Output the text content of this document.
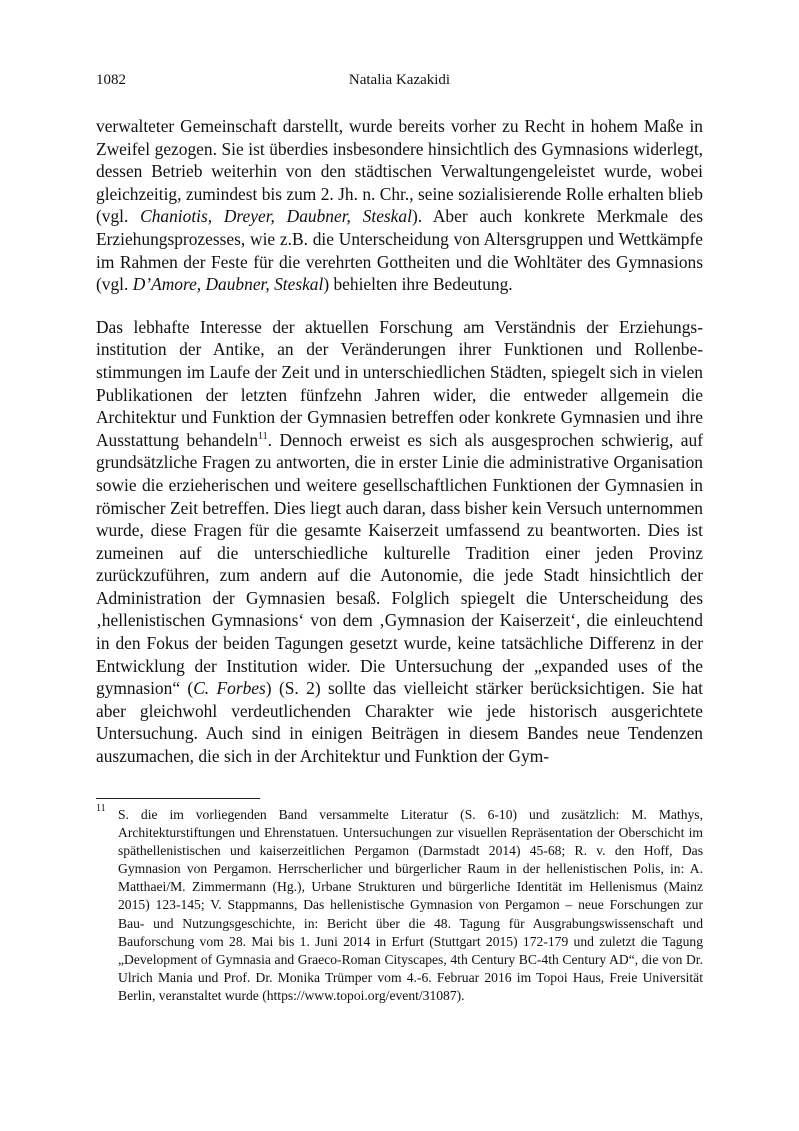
1082	Natalia Kazakidi

verwalteter Gemeinschaft darstellt, wurde bereits vorher zu Recht in hohem Maße in Zweifel gezogen. Sie ist überdies insbesondere hinsichtlich des Gymnasions widerlegt, dessen Betrieb weiterhin von den städtischen Verwaltungengeleistet wurde, wobei gleichzeitig, zumindest bis zum 2. Jh. n. Chr., seine sozialisierende Rolle erhalten blieb (vgl. Chaniotis, Dreyer, Daubner, Steskal). Aber auch konkrete Merkmale des Erziehungsprozesses, wie z.B. die Unterscheidung von Altersgruppen und Wettkämpfe im Rahmen der Feste für die verehrten Gottheiten und die Wohltäter des Gymnasions (vgl. D’Amore, Daubner, Steskal) behielten ihre Bedeutung.

Das lebhafte Interesse der aktuellen Forschung am Verständnis der Erziehungsinstitution der Antike, an der Veränderungen ihrer Funktionen und Rollenbestimmungen im Laufe der Zeit und in unterschiedlichen Städten, spiegelt sich in vielen Publikationen der letzten fünfzehn Jahren wider, die entweder allgemein die Architektur und Funktion der Gymnasien betreffen oder konkrete Gymnasien und ihre Ausstattung behandeln$^{11}$. Dennoch erweist es sich als ausgesprochen schwierig, auf grundsätzliche Fragen zu antworten, die in erster Linie die administrative Organisation sowie die erzieherischen und weitere gesellschaftlichen Funktionen der Gymnasien in römischer Zeit betreffen. Dies liegt auch daran, dass bisher kein Versuch unternommen wurde, diese Fragen für die gesamte Kaiserzeit umfassend zu beantworten. Dies ist zumeinen auf die unterschiedliche kulturelle Tradition einer jeden Provinz zurückzuführen, zum andern auf die Autonomie, die jede Stadt hinsichtlich der Administration der Gymnasien besaß. Folglich spiegelt die Unterscheidung des ‚hellenistischen Gymnasions‘ von dem ‚Gymnasion der Kaiserzeit‘, die einleuchtend in den Fokus der beiden Tagungen gesetzt wurde, keine tatsächliche Differenz in der Entwicklung der Institution wider. Die Untersuchung der „expanded uses of the gymnasion“ (C. Forbes) (S. 2) sollte das vielleicht stärker berücksichtigen. Sie hat aber gleichwohl verdeutlichenden Charakter wie jede historisch ausgerichtete Untersuchung. Auch sind in einigen Beiträgen in diesem Bandes neue Tendenzen auszumachen, die sich in der Architektur und Funktion der Gym-

11 S. die im vorliegenden Band versammelte Literatur (S. 6-10) und zusätzlich: M. Mathys, Architekturstiftungen und Ehrenstatuen. Untersuchungen zur visuellen Repräsentation der Oberschicht im späthellenistischen und kaiserzeitlichen Pergamon (Darmstadt 2014) 45-68; R. v. den Hoff, Das Gymnasion von Pergamon. Herrscherlicher und bürgerlicher Raum in der hellenistischen Polis, in: A. Matthaei/M. Zimmermann (Hg.), Urbane Strukturen und bürgerliche Identität im Hellenismus (Mainz 2015) 123-145; V. Stappmanns, Das hellenistische Gymnasion von Pergamon – neue Forschungen zur Bau- und Nutzungsgeschichte, in: Bericht über die 48. Tagung für Ausgrabungswissenschaft und Bauforschung vom 28. Mai bis 1. Juni 2014 in Erfurt (Stuttgart 2015) 172-179 und zuletzt die Tagung „Development of Gymnasia and Graeco-Roman Cityscapes, 4th Century BC-4th Century AD“, die von Dr. Ulrich Mania und Prof. Dr. Monika Trümper vom 4.-6. Februar 2016 im Topoi Haus, Freie Universität Berlin, veranstaltet wurde (https://www.topoi.org/event/31087).
